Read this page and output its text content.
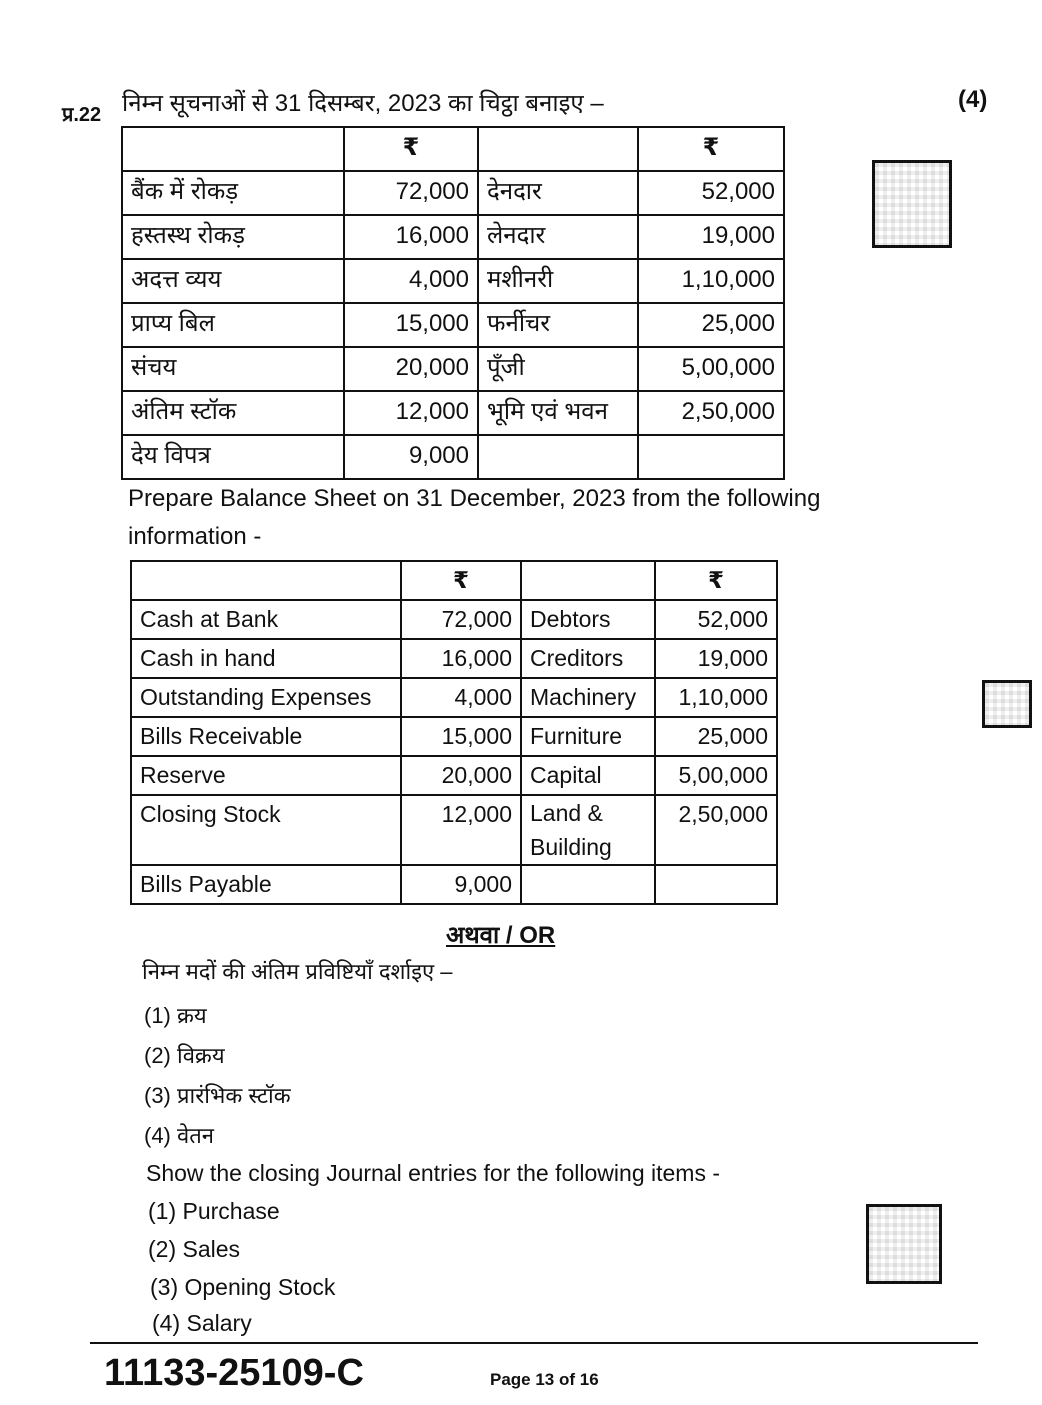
प्र.22 निम्न सूचनाओं से 31 दिसम्बर, 2023 का चिट्ठा बनाइए –	(4)
	₹		₹
बैंक में रोकड़	72,000	देनदार	52,000
हस्तस्थ रोकड़	16,000	लेनदार	19,000
अदत्त व्यय	4,000	मशीनरी	1,10,000
प्राप्य बिल	15,000	फर्नीचर	25,000
संचय	20,000	पूँजी	5,00,000
अंतिम स्टॉक	12,000	भूमि एवं भवन	2,50,000
देय विपत्र	9,000		
Prepare Balance Sheet on 31 December, 2023 from the following information -
	₹		₹
Cash at Bank	72,000	Debtors	52,000
Cash in hand	16,000	Creditors	19,000
Outstanding Expenses	4,000	Machinery	1,10,000
Bills Receivable	15,000	Furniture	25,000
Reserve	20,000	Capital	5,00,000
Closing Stock	12,000	Land & Building	2,50,000
Bills Payable	9,000		
अथवा / OR
निम्न मदों की अंतिम प्रविष्टियाँ दर्शाइए –
(1) क्रय
(2) विक्रय
(3) प्रारंभिक स्टॉक
(4) वेतन
Show the closing Journal entries for the following items -
(1) Purchase
(2) Sales
(3) Opening Stock
(4) Salary
11133-25109-C	Page 13 of 16
